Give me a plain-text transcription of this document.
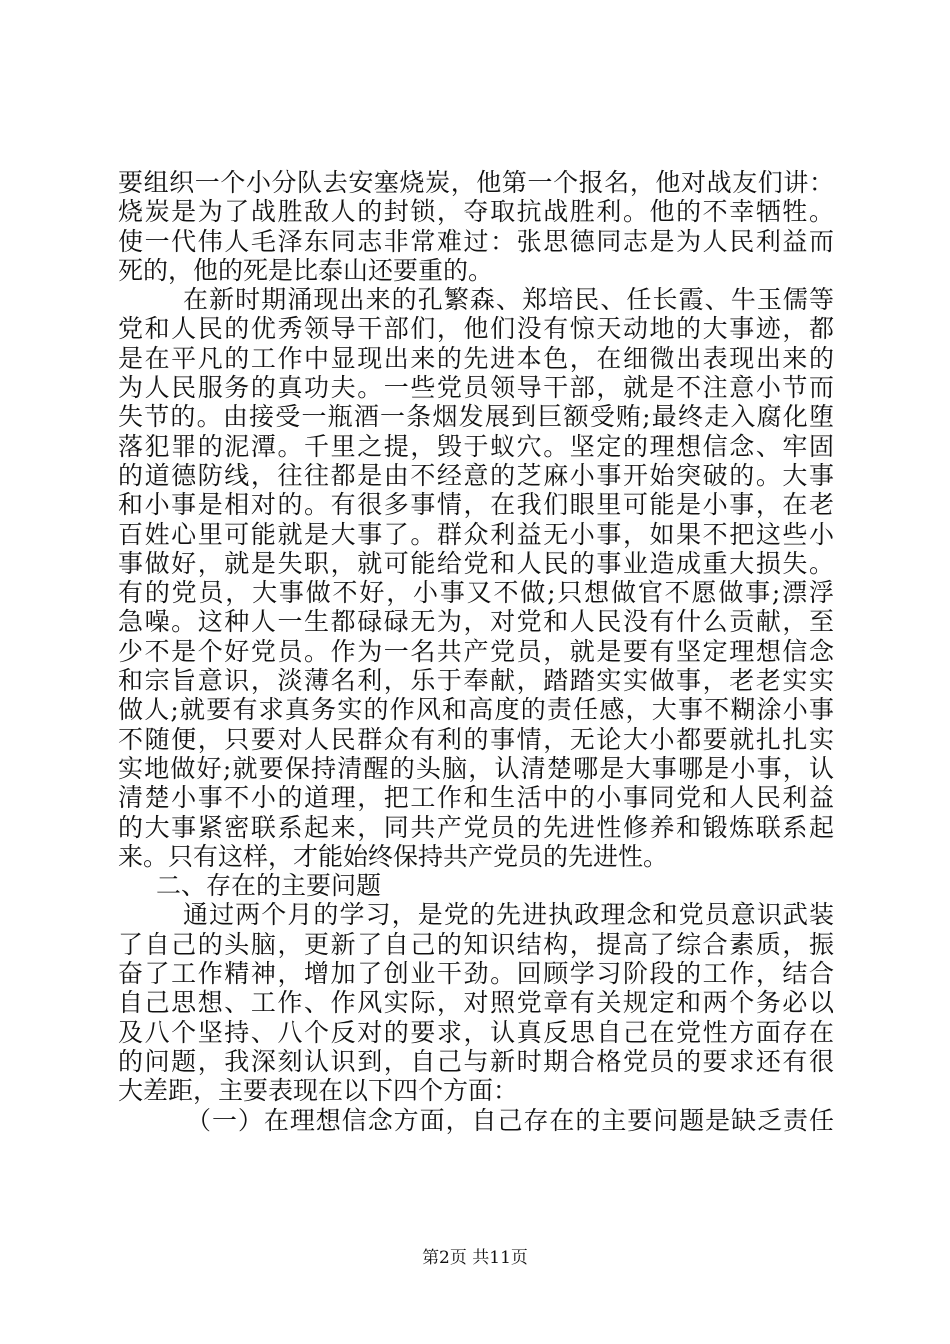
要组织一个小分队去安塞烧炭，他第一个报名，他对战友们讲：
烧炭是为了战胜敌人的封锁，夺取抗战胜利。他的不幸牺牲。
使一代伟人毛泽东同志非常难过：张思德同志是为人民利益而
死的，他的死是比泰山还要重的。
在新时期涌现出来的孔繁森、郑培民、任长霞、牛玉儒等
党和人民的优秀领导干部们，他们没有惊天动地的大事迹，都
是在平凡的工作中显现出来的先进本色，在细微出表现出来的
为人民服务的真功夫。一些党员领导干部，就是不注意小节而
失节的。由接受一瓶酒一条烟发展到巨额受贿;最终走入腐化堕
落犯罪的泥潭。千里之提，毁于蚁穴。坚定的理想信念、牢固
的道德防线，往往都是由不经意的芝麻小事开始突破的。大事
和小事是相对的。有很多事情，在我们眼里可能是小事，在老
百姓心里可能就是大事了。群众利益无小事，如果不把这些小
事做好，就是失职，就可能给党和人民的事业造成重大损失。
有的党员，大事做不好，小事又不做;只想做官不愿做事;漂浮
急噪。这种人一生都碌碌无为，对党和人民没有什么贡献，至
少不是个好党员。作为一名共产党员，就是要有坚定理想信念
和宗旨意识，淡薄名利，乐于奉献，踏踏实实做事，老老实实
做人;就要有求真务实的作风和高度的责任感，大事不糊涂小事
不随便，只要对人民群众有利的事情，无论大小都要就扎扎实
实地做好;就要保持清醒的头脑，认清楚哪是大事哪是小事，认
清楚小事不小的道理，把工作和生活中的小事同党和人民利益
的大事紧密联系起来，同共产党员的先进性修养和锻炼联系起
来。只有这样，才能始终保持共产党员的先进性。
二、存在的主要问题
通过两个月的学习，是党的先进执政理念和党员意识武装
了自己的头脑，更新了自己的知识结构，提高了综合素质，振
奋了工作精神，增加了创业干劲。回顾学习阶段的工作，结合
自己思想、工作、作风实际，对照党章有关规定和两个务必以
及八个坚持、八个反对的要求，认真反思自己在党性方面存在
的问题，我深刻认识到，自己与新时期合格党员的要求还有很
大差距，主要表现在以下四个方面：
（一）在理想信念方面，自己存在的主要问题是缺乏责任
第2页 共11页
